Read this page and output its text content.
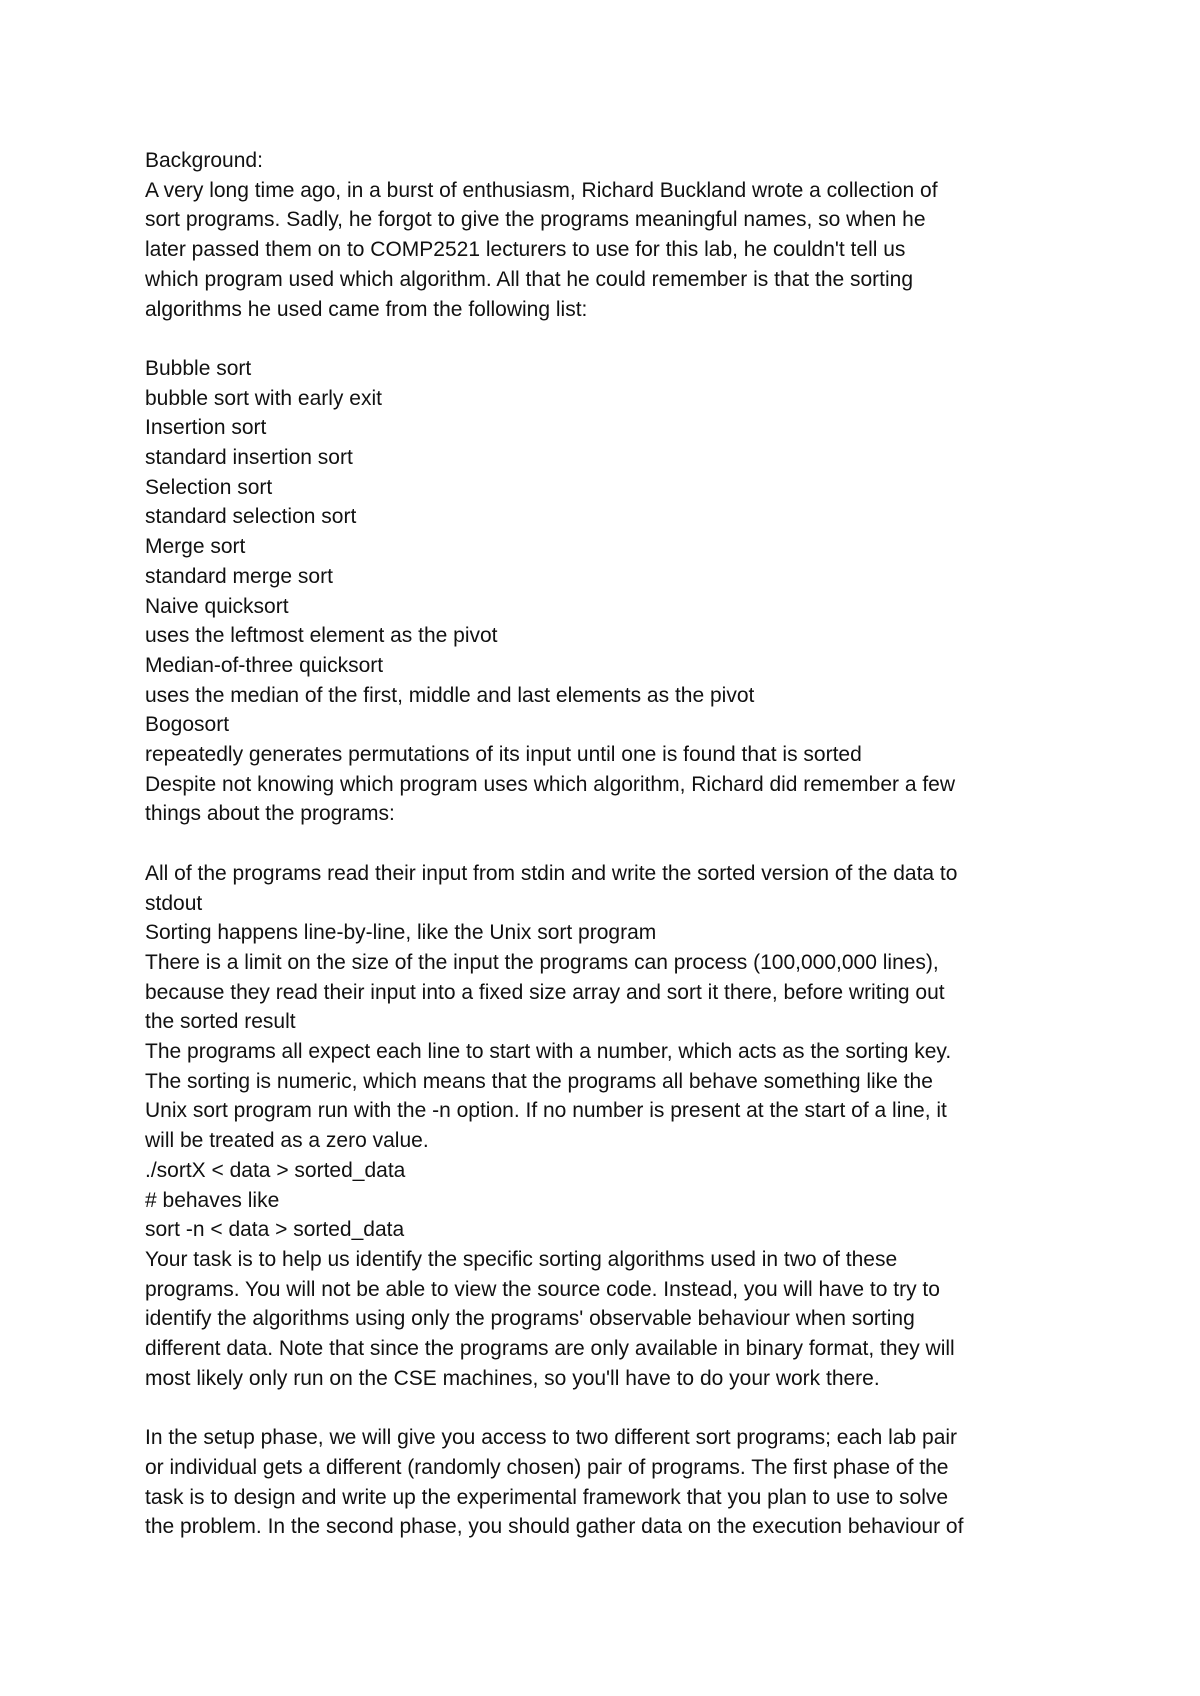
Background:
A very long time ago, in a burst of enthusiasm, Richard Buckland wrote a collection of
sort programs. Sadly, he forgot to give the programs meaningful names, so when he
later passed them on to COMP2521 lecturers to use for this lab, he couldn't tell us
which program used which algorithm. All that he could remember is that the sorting
algorithms he used came from the following list:
Bubble sort
bubble sort with early exit
Insertion sort
standard insertion sort
Selection sort
standard selection sort
Merge sort
standard merge sort
Naive quicksort
uses the leftmost element as the pivot
Median-of-three quicksort
uses the median of the first, middle and last elements as the pivot
Bogosort
repeatedly generates permutations of its input until one is found that is sorted
Despite not knowing which program uses which algorithm, Richard did remember a few
things about the programs:
All of the programs read their input from stdin and write the sorted version of the data to
stdout
Sorting happens line-by-line, like the Unix sort program
There is a limit on the size of the input the programs can process (100,000,000 lines),
because they read their input into a fixed size array and sort it there, before writing out
the sorted result
The programs all expect each line to start with a number, which acts as the sorting key.
The sorting is numeric, which means that the programs all behave something like the
Unix sort program run with the -n option. If no number is present at the start of a line, it
will be treated as a zero value.
./sortX < data > sorted_data
# behaves like
sort -n < data > sorted_data
Your task is to help us identify the specific sorting algorithms used in two of these
programs. You will not be able to view the source code. Instead, you will have to try to
identify the algorithms using only the programs' observable behaviour when sorting
different data. Note that since the programs are only available in binary format, they will
most likely only run on the CSE machines, so you'll have to do your work there.
In the setup phase, we will give you access to two different sort programs; each lab pair
or individual gets a different (randomly chosen) pair of programs. The first phase of the
task is to design and write up the experimental framework that you plan to use to solve
the problem. In the second phase, you should gather data on the execution behaviour of
